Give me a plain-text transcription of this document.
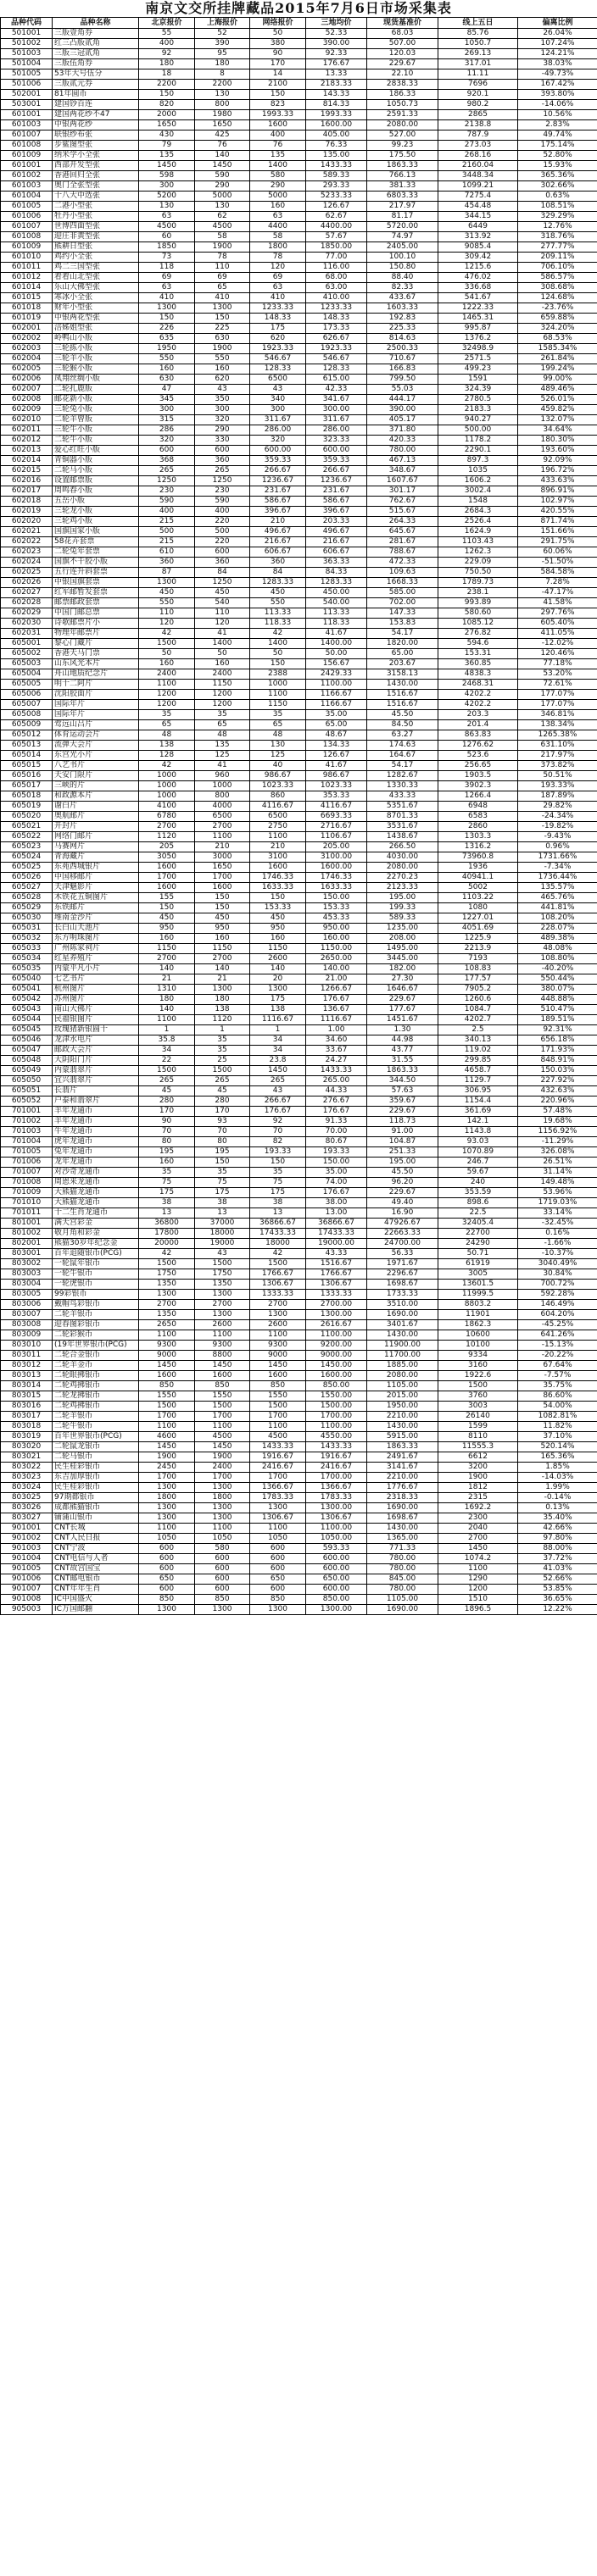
南京文交所挂牌藏品2015年7月6日市场采集表
品种代码	品种名称	北京报价	上海报价	网络报价	三地均价	现货基准价	线上五日	偏离比例
501001	三版壹角券	55	52	50	52.33	68.03	85.76	26.04%
501002	红三凸版贰角	400	390	380	390.00	507.00	1050.7	107.24%
501003	三版三冠贰角	92	95	90	92.33	120.03	269.13	124.21%
501004	三版伍角券	180	180	170	176.67	229.67	317.01	38.03%
501005	53年大号伍分	18	8	14	13.33	22.10	11.11	-49.73%
501006	三版贰元券	2200	2200	2100	2183.33	2838.33	7696	167.42%
502001	81年圆币	150	130	150	143.33	186.33	920.1	393.80%
503001	建国钞百连	820	800	823	814.33	1050.73	980.2	-14.06%
601001	建国两花纱不47	2000	1980	1993.33	1993.33	2591.33	2865	10.56%
601003	中银两花纱	1650	1650	1600	1600.00	2080.00	2138.8	2.83%
601007	联银纱布张	430	425	400	405.00	527.00	787.9	49.74%
601008	步鲨图型张	79	76	76	76.33	99.23	273.03	175.14%
601009	纳米学小全张	135	140	135	135.00	175.50	268.16	52.80%
601001	西部开发型张	1450	1450	1400	1433.33	1863.33	2160.04	15.93%
601002	香港回归全张	598	590	580	589.33	766.13	3448.34	365.36%
601003	奥门全张型张	300	290	290	293.33	381.33	1099.21	302.66%
601004	十八大中选张	5200	5000	5000	5233.33	6803.33	7275.4	0.63%
601005	二港小型张	130	130	160	126.67	217.97	454.48	108.51%
601006	牡丹小型张	63	62	63	62.67	81.17	344.15	329.29%
601007	世博四面型张	4500	4500	4400	4400.00	5720.00	6449	12.76%
601008	迎庄非黄型张	60	58	58	57.67	74.97	313.92	318.76%
601009	熊耕日型张	1850	1900	1800	1850.00	2405.00	9085.4	277.77%
601010	鸡约小全张	73	78	78	77.00	100.10	309.42	209.11%
601011	鸡二三国型张	118	110	120	116.00	150.80	1215.6	706.10%
601012	着着山北型张	69	69	69	68.00	88.40	476.02	586.57%
601014	乐山大佛型张	63	65	63	63.00	82.33	336.68	308.68%
601015	寒冰小全张	410	410	410	410.00	433.67	541.67	124.68%
601018	财年小型张	1300	1300	1233.33	1233.33	1603.33	1222.33	-23.76%
601019	中银两花型张	150	150	148.33	148.33	192.83	1465.31	659.88%
602001	涪姊姐型张	226	225	175	173.33	225.33	995.87	324.20%
602002	岭鸭山小版	635	630	620	626.67	814.63	1376.2	68.53%
602003	三轮拣小版	1950	1900	1923.33	1923.33	2500.33	32498.9	1585.34%
602004	三轮羊小版	550	550	546.67	546.67	710.67	2571.5	261.84%
602005	三轮猴小版	160	160	128.33	128.33	166.83	499.23	199.24%
602006	凤翔丝绸小版	630	620	6500	615.00	799.50	1591	99.00%
602007	二轮扎鹿版	47	43	43	42.33	55.03	324.39	489.46%
602008	邮花新小版	345	350	340	341.67	444.17	2780.5	526.01%
602009	三轮兔小版	300	300	300	300.00	390.00	2183.3	459.82%
602010	二轮羊曾版	315	320	311.67	311.67	405.17	940.27	132.07%
602011	三轮牛小版	286	290	286.00	286.00	371.80	500.00	34.64%
602012	二轮牛小版	320	330	320	323.33	420.33	1178.2	180.30%
602013	爱心红旺小版	600	600	600.00	600.00	780.00	2290.1	193.60%
602014	青铜器小版	368	360	359.33	359.33	467.13	897.3	92.09%
602015	二轮马小版	265	265	266.67	266.67	348.67	1035	196.72%
602016	设置邮票版	1250	1250	1236.67	1236.67	1607.67	1606.2	433.63%
602017	周鸣春小版	230	230	231.67	231.67	301.17	3002.4	896.91%
602018	五岳小版	590	590	586.67	586.67	762.67	1548	102.97%
602019	三轮龙小版	400	400	396.67	396.67	515.67	2684.3	420.55%
602020	三轮鸡小版	215	220	210	203.33	264.33	2526.4	871.74%
602021	国旗国家小版	500	500	496.67	496.67	645.67	1624.9	151.66%
602022	58花卉套票	215	220	216.67	216.67	281.67	1103.43	291.75%
602023	二轮兔年套票	610	600	606.67	606.67	788.67	1262.3	60.06%
602024	国旗不干胶小版	360	360	360	363.33	472.33	229.09	-51.50%
602025	五行连升斜套票	87	84	84	84.33	109.63	750.50	584.58%
602026	中银国旗套票	1300	1250	1283.33	1283.33	1668.33	1789.73	7.28%
602027	红军邮暂发套票	450	450	450	450.00	585.00	238.1	-47.17%
602028	邮票邮政套票	550	540	550	540.00	702.00	993.89	41.58%
602029	中国门邮总票	110	110	113.33	113.33	147.33	580.60	297.76%
602030	诗歌邮票片小	120	120	118.33	118.33	153.83	1085.12	605.40%
602031	物理年邮票片	42	41	42	41.67	54.17	276.82	411.05%
605001	黎心门藏片	1500	1400	1400	1400.00	1820.00	594.6	-12.02%
605002	香港天马门票	50	50	50	50.00	65.00	153.31	120.46%
605003	山东风光本片	160	160	150	156.67	203.67	360.85	77.18%
605004	舟山地质纪念片	2400	2400	2388	2429.33	3158.13	4838.3	53.20%
605005	明十二阿片	1100	1150	1000	1100.00	1430.00	2468.31	72.61%
605006	沈阳胶面片	1200	1200	1100	1166.67	1516.67	4202.2	177.07%
605007	国际年片	1200	1200	1150	1166.67	1516.67	4202.2	177.07%
605008	国际年片	35	35	35	35.00	45.50	203.3	346.81%
605009	莺远山吕片	65	65	65	65.00	84.50	201.4	138.34%
605012	体育运动会片	48	48	48	48.67	63.27	863.83	1265.38%
605013	流弹大会片	138	135	130	134.33	174.63	1276.62	631.10%
605014	东宫光小片	128	125	125	126.67	164.67	523.6	217.97%
605015	八艺书片	42	41	40	41.67	54.17	256.65	373.82%
605016	天安门限片	1000	960	986.67	986.67	1282.67	1903.5	50.51%
605017	三峡的片	1000	1000	1023.33	1023.33	1330.33	3902.3	193.33%
605018	和政源本片	1000	800	860	353.33	433.33	1266.4	187.89%
605019	谢白片	4100	4000	4116.67	4116.67	5351.67	6948	29.82%
605020	奥航邮片	6780	6500	6500	6693.33	8701.33	6583	-24.34%
605021	开封片	2700	2700	2750	2716.67	3531.67	2860	-19.82%
605022	网络门邮片	1120	1100	1100	1106.67	1438.67	1303.3	-9.43%
605023	马赛网片	205	210	210	205.00	266.50	1316.2	0.96%
605024	青海藏片	3050	3000	3100	3100.00	4030.00	73960.8	1731.66%
605025	东苑西城银片	1600	1650	1600	1600.00	2080.00	1936	-7.34%
605026	中国移邮片	1700	1700	1746.33	1746.33	2270.23	40941.1	1736.44%
605027	天津魅影片	1600	1600	1633.33	1633.33	2123.33	5002	135.57%
605028	木铁花五铜图片	155	150	150	150.00	195.00	1103.22	465.76%
605029	东铁邮片	150	150	153.33	153.33	199.33	1080	441.81%
605030	堆南金沙片	450	450	450	453.33	589.33	1227.01	108.20%
605031	长白山天池片	950	950	950	950.00	1235.00	4051.69	228.07%
605032	东方明珠图片	160	160	160	160.00	208.00	1225.9	489.38%
605033	广州陈家祠片	1150	1150	1150	1150.00	1495.00	2213.9	48.08%
605034	红星养殖片	2700	2700	2600	2650.00	3445.00	7193	108.80%
605035	内蒙平凡小片	140	140	140	140.00	182.00	108.83	-40.20%
605040	七艺书片	21	21	20	21.00	27.30	177.57	550.44%
605041	杭州图片	1310	1300	1300	1266.67	1646.67	7905.2	380.07%
605042	苏州图片	180	180	175	176.67	229.67	1260.6	448.88%
605043	南山大佛片	140	138	138	136.67	177.67	1084.7	510.47%
605044	民福银图片	1100	1120	1116.67	1116.67	1451.67	4202.7	189.51%
605045	玫瑰猪新银圆十	1	1	1	1.00	1.30	2.5	92.31%
605046	龙津水电片	35.8	35	34	34.60	44.98	340.13	656.18%
605047	邮政大会片	34	35	34	33.67	43.77	119.02	171.93%
605048	大阴阳门片	22	25	23.8	24.27	31.55	299.85	848.91%
605049	内蒙翡翠片	1500	1500	1450	1433.33	1863.33	4658.7	150.03%
605050	宜兴翡翠片	265	265	265	265.00	344.50	1129.7	227.92%
605051	长翡片	45	45	43	44.33	57.63	306.95	432.63%
605052	户泰和翡翠片	280	280	266.67	276.67	359.67	1154.4	220.96%
701001	羊年龙通币	170	170	176.67	176.67	229.67	361.69	57.48%
701002	羊年龙通币	90	93	92	91.33	118.73	142.1	19.68%
701003	牛年龙通币	70	70	70	70.00	91.00	1143.8	1156.92%
701004	虎年龙通币	80	80	82	80.67	104.87	93.03	-11.29%
701005	兔年龙通币	195	195	193.33	193.33	251.33	1070.89	326.08%
701006	龙年龙通币	160	150	150	150.00	195.00	246.7	26.51%
701007	对沙奇龙通币	35	35	35	35.00	45.50	59.67	31.14%
701008	周恩来龙通币	75	75	75	74.00	96.20	240	149.48%
701009	大熊猫龙通币	175	175	175	176.67	229.67	353.59	53.96%
701010	大熊猫龙通币	38	38	38	38.00	49.40	898.6	1719.03%
701011	十二生肖龙通币	13	13	13	13.00	16.90	22.5	33.14%
801001	满天宫彩金	36800	37000	36866.67	36866.67	47926.67	32405.4	-32.45%
801002	敬月角和彩金	17800	18000	17433.33	17433.33	22663.33	22700	0.16%
802001	熊猫30岁年纪念金	20000	19000	18000	19000.00	24700.00	24290	-1.66%
803001	百年追随银币(PCG)	42	43	42	43.33	56.33	50.71	-10.37%
803002	一轮鼠年银币	1500	1500	1500	1516.67	1971.67	61919	3040.49%
803003	一轮牛银币	1750	1750	1766.67	1766.67	2296.67	3005	30.84%
803004	一轮虎银币	1350	1350	1306.67	1306.67	1698.67	13601.5	700.72%
803005	99彩银币	1300	1300	1333.33	1333.33	1733.33	11999.5	592.28%
803006	戴帽鸟彩银币	2700	2700	2700	2700.00	3510.00	8803.2	146.49%
803007	二轮羊银币	1350	1300	1300	1300.00	1690.00	11901	604.20%
803008	迎春图彩银币	2650	2600	2600	2616.67	3401.67	1862.3	-45.25%
803009	二轮彩猴币	1100	1100	1100	1100.00	1430.00	10600	641.26%
803010	(19年世界银币(PCG)	9300	9300	9300	9200.00	11900.00	10100	-15.13%
803011	二轮合金银币	9000	8800	9000	9000.00	11700.00	9334	-20.22%
803012	二轮羊金币	1450	1450	1450	1450.00	1885.00	3160	67.64%
803013	二轮眼拂银币	1600	1600	1600	1600.00	2080.00	1922.6	-7.57%
803014	二轮鸡拂银币	850	850	850	850.00	1105.00	1500	35.75%
803015	二轮龙拂银币	1550	1550	1550	1550.00	2015.00	3760	86.60%
803016	二轮鸡拂银币	1500	1500	1500	1500.00	1950.00	3003	54.00%
803017	二轮羊银币	1700	1700	1700	1700.00	2210.00	26140	1082.81%
803018	二轮牛银币	1100	1100	1100	1100.00	1430.00	1599	11.82%
803019	百年世界银币(PCG)	4600	4500	4500	4550.00	5915.00	8110	37.10%
803020	二轮鼠龙银币	1450	1450	1433.33	1433.33	1863.33	11555.3	520.14%
803021	二轮马银币	1900	1900	1916.67	1916.67	2491.67	6612	165.36%
803022	民生桂彩银币	2450	2400	2416.67	2416.67	3141.67	3200	1.85%
803023	东吉加厚银币	1700	1700	1700	1700.00	2210.00	1900	-14.03%
803024	民生桂彩银币	1300	1300	1366.67	1366.67	1776.67	1812	1.99%
803025	97期都银币	1800	1800	1783.33	1783.33	2318.33	2315	-0.14%
803026	成都熊猫银币	1300	1300	1300	1300.00	1690.00	1692.2	0.13%
803027	铺蒲山银币	1300	1300	1306.67	1306.67	1698.67	2300	35.40%
901001	CNT长城	1100	1100	1100	1100.00	1430.00	2040	42.66%
901002	CNT人民日报	1050	1050	1050	1050.00	1365.00	2700	97.80%
901003	CNT宁波	600	580	600	593.33	771.33	1450	88.00%
901004	CNT电信与人者	600	600	600	600.00	780.00	1074.2	37.72%
901005	CNT故宫国宝	600	600	600	600.00	780.00	1100	41.03%
901006	CNT邮电银币	650	600	650	650.00	845.00	1290	52.66%
901007	CNT年年生肖	600	600	600	600.00	780.00	1200	53.85%
901008	IC中国盛火	850	850	850	850.00	1105.00	1510	36.65%
905003	IC万国邮翻	1300	1300	1300	1300.00	1690.00	1896.5	12.22%
